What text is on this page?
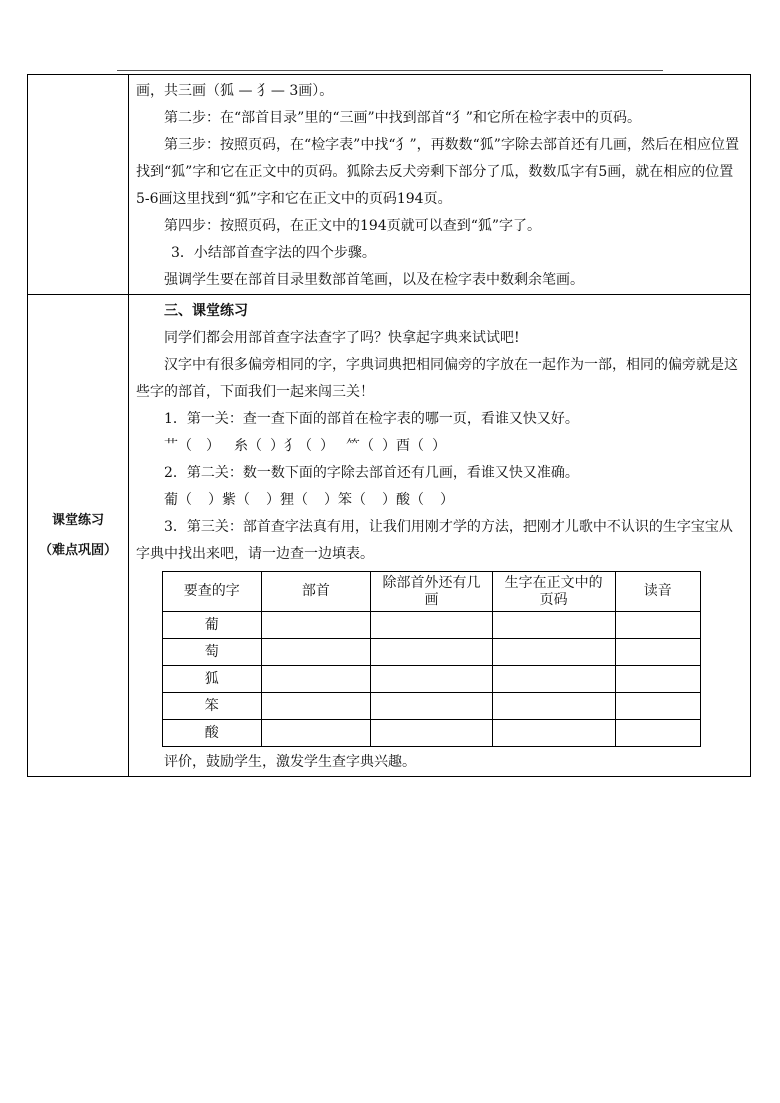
画，共三画（狐 — 犭— 3画）。

第二步：在“部首目录”里的“三画”中找到部首“犭”和它所在检字表中的页码。

第三步：按照页码，在“检字表”中找“犭”，再数数“狐”字除去部首还有几画，然后在相应位置找到“狐”字和它在正文中的页码。狐除去反犬旁剩下部分了瓜，数数瓜字有5画，就在相应的位置5-6画这里找到“狐”字和它在正文中的页码194页。

第四步：按照页码，在正文中的194页就可以查到“狐”字了。

3．小结部首查字法的四个步骤。

强调学生要在部首目录里数部首笔画，以及在检字表中数剩余笔画。

课堂练习
（难点巩固）

三、课堂练习

同学们都会用部首查字法查字了吗？快拿起字典来试试吧!

汉字中有很多偏旁相同的字，字典词典把相同偏旁的字放在一起作为一部，相同的偏旁就是这些字的部首，下面我们一起来闯三关！

1．第一关：查一查下面的部首在检字表的哪一页，看谁又快又好。

艹（ ） 糸（ ）犭（ ） ⺮（ ）酉（ ）

2．第二关：数一数下面的字除去部首还有几画，看谁又快又准确。

葡（ ）紫（ ）狸（ ）笨（ ）酸（ ）

3．第三关：部首查字法真有用，让我们用刚才学的方法，把刚才儿歌中不认识的生字宝宝从字典中找出来吧，请一边查一边填表。

要查的字	部首	除部首外还有几画	生字在正文中的页码	读音
葡				
萄				
狐				
笨				
酸				

评价，鼓励学生，激发学生查字典兴趣。
